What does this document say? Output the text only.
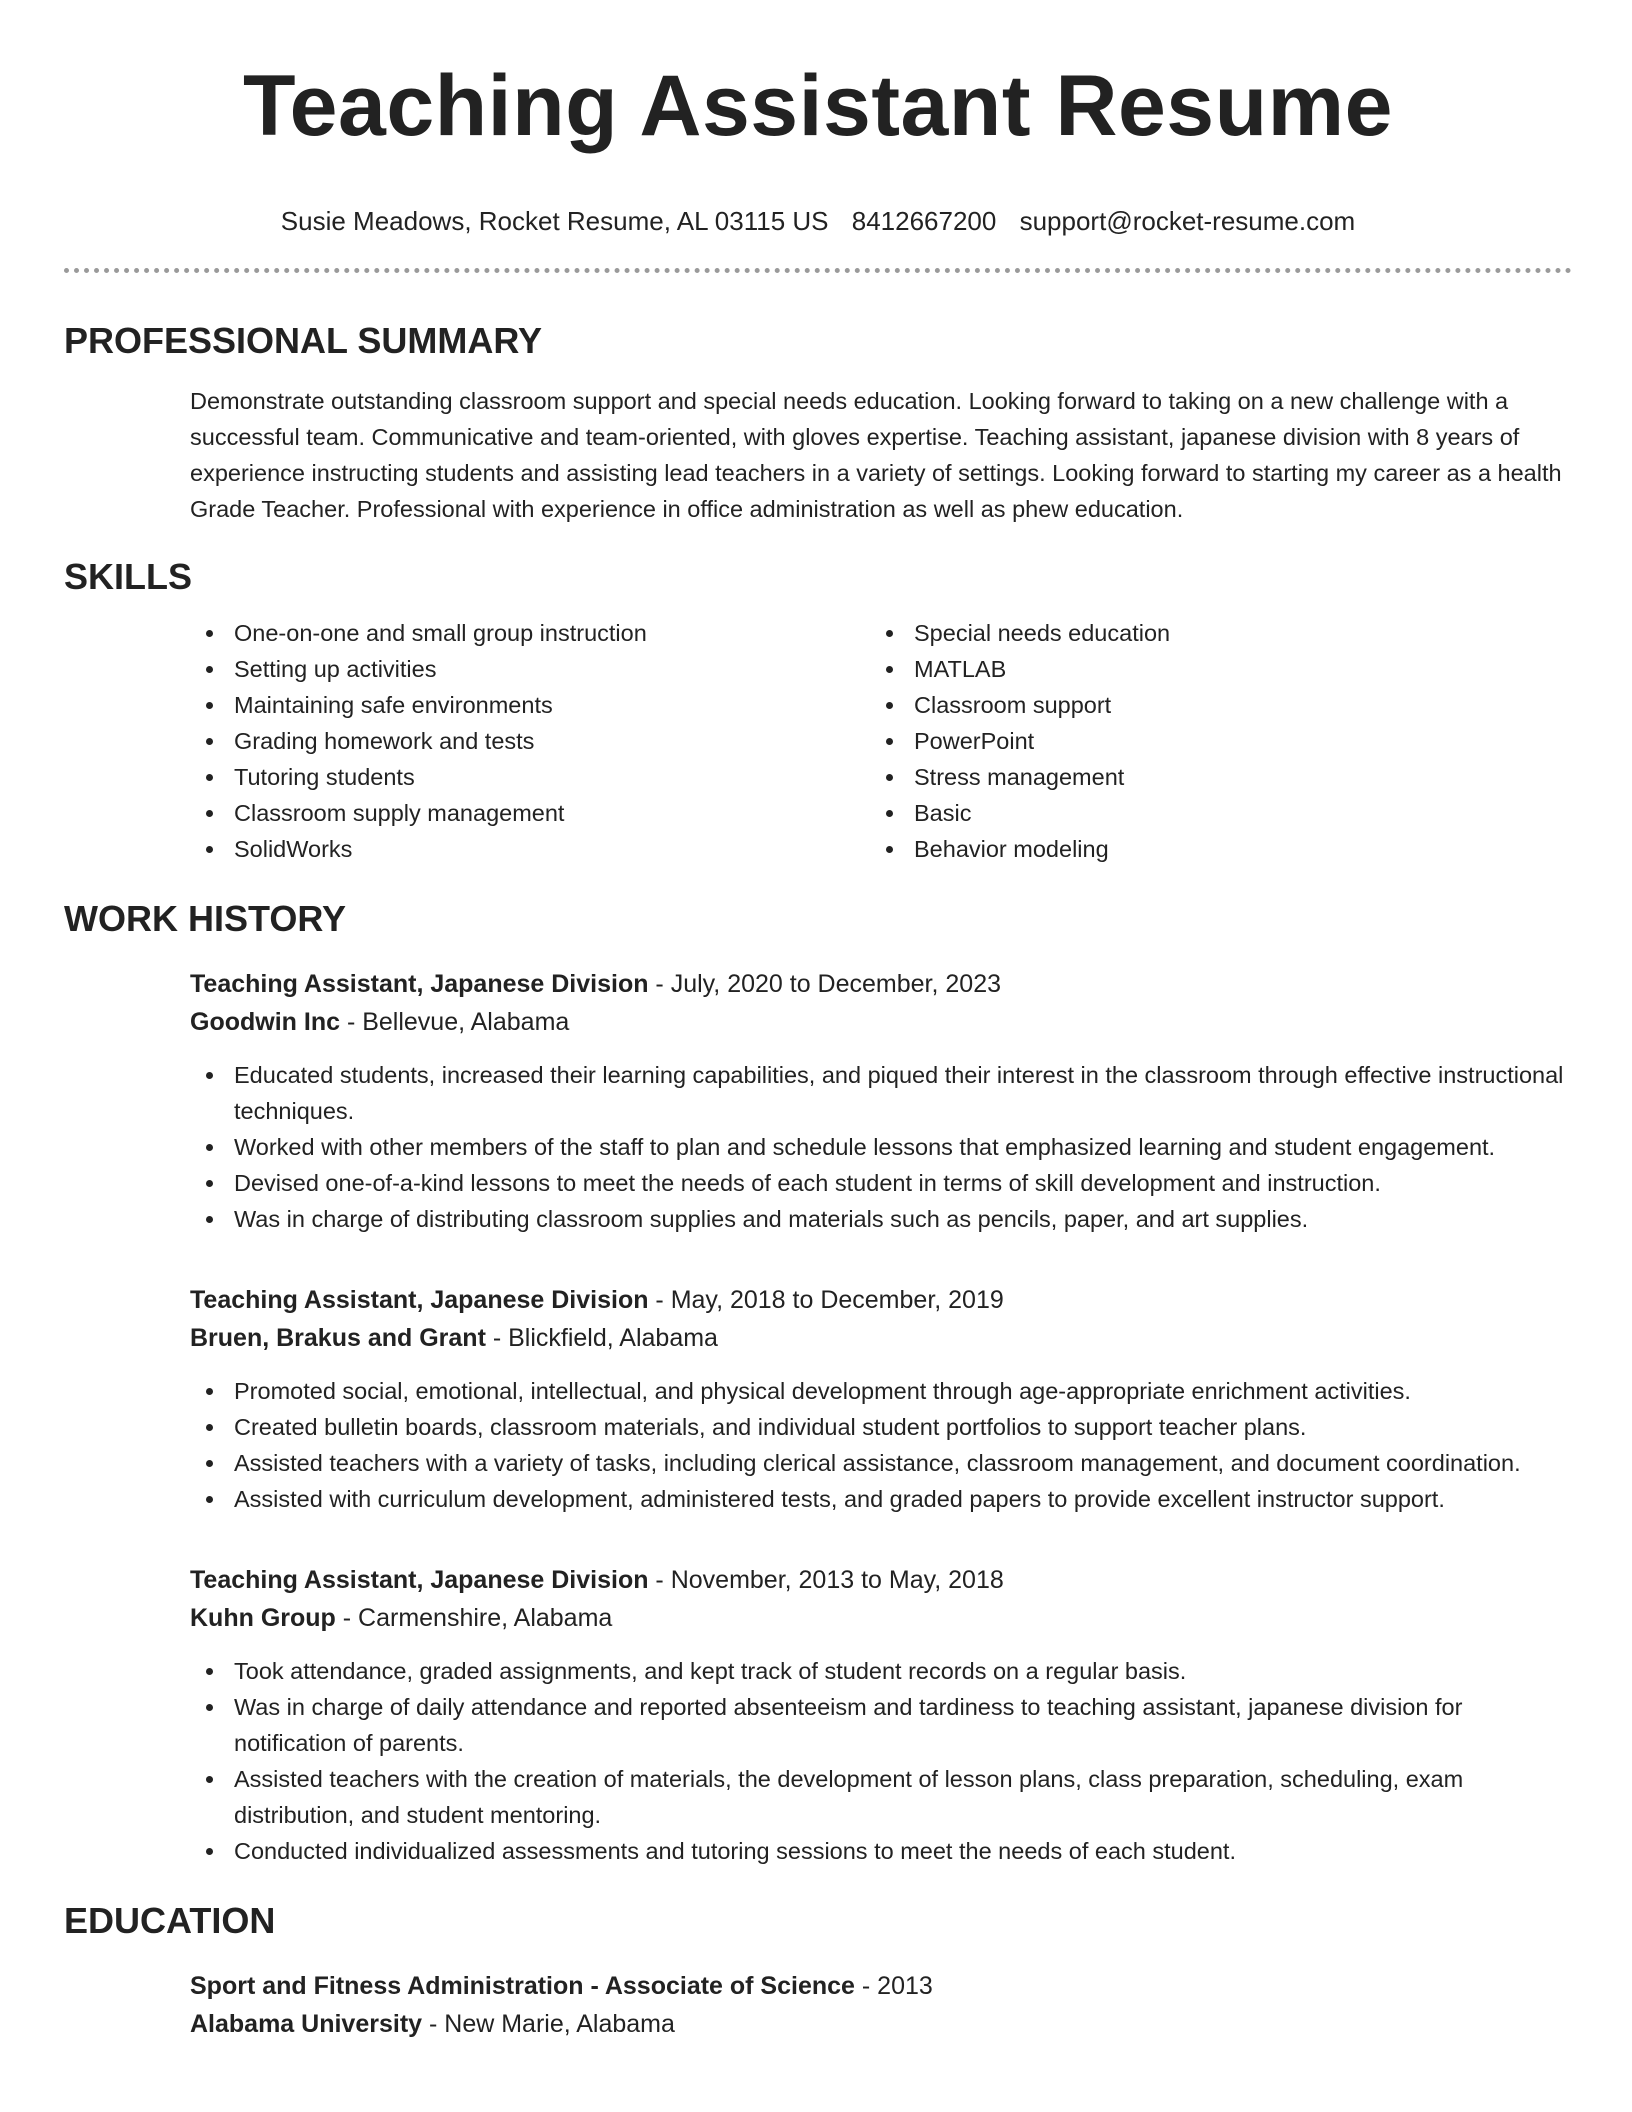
Teaching Assistant Resume
Susie Meadows, Rocket Resume, AL 03115 US 8412667200 support@rocket-resume.com
PROFESSIONAL SUMMARY

Demonstrate outstanding classroom support and special needs education. Looking forward to taking on a new challenge with a successful team. Communicative and team-oriented, with gloves expertise. Teaching assistant, japanese division with 8 years of experience instructing students and assisting lead teachers in a variety of settings. Looking forward to starting my career as a health Grade Teacher. Professional with experience in office administration as well as phew education.

SKILLS
One-on-one and small group instruction
Setting up activities
Maintaining safe environments
Grading homework and tests
Tutoring students
Classroom supply management
SolidWorks
Special needs education
MATLAB
Classroom support
PowerPoint
Stress management
Basic
Behavior modeling
WORK HISTORY
Teaching Assistant, Japanese Division - July, 2020 to December, 2023
Goodwin Inc - Bellevue, Alabama
Educated students, increased their learning capabilities, and piqued their interest in the classroom through effective instructional techniques.
Worked with other members of the staff to plan and schedule lessons that emphasized learning and student engagement.
Devised one-of-a-kind lessons to meet the needs of each student in terms of skill development and instruction.
Was in charge of distributing classroom supplies and materials such as pencils, paper, and art supplies.
Teaching Assistant, Japanese Division - May, 2018 to December, 2019
Bruen, Brakus and Grant - Blickfield, Alabama
Promoted social, emotional, intellectual, and physical development through age-appropriate enrichment activities.
Created bulletin boards, classroom materials, and individual student portfolios to support teacher plans.
Assisted teachers with a variety of tasks, including clerical assistance, classroom management, and document coordination.
Assisted with curriculum development, administered tests, and graded papers to provide excellent instructor support.
Teaching Assistant, Japanese Division - November, 2013 to May, 2018
Kuhn Group - Carmenshire, Alabama
Took attendance, graded assignments, and kept track of student records on a regular basis.
Was in charge of daily attendance and reported absenteeism and tardiness to teaching assistant, japanese division for notification of parents.
Assisted teachers with the creation of materials, the development of lesson plans, class preparation, scheduling, exam distribution, and student mentoring.
Conducted individualized assessments and tutoring sessions to meet the needs of each student.
EDUCATION
Sport and Fitness Administration - Associate of Science - 2013
Alabama University - New Marie, Alabama
